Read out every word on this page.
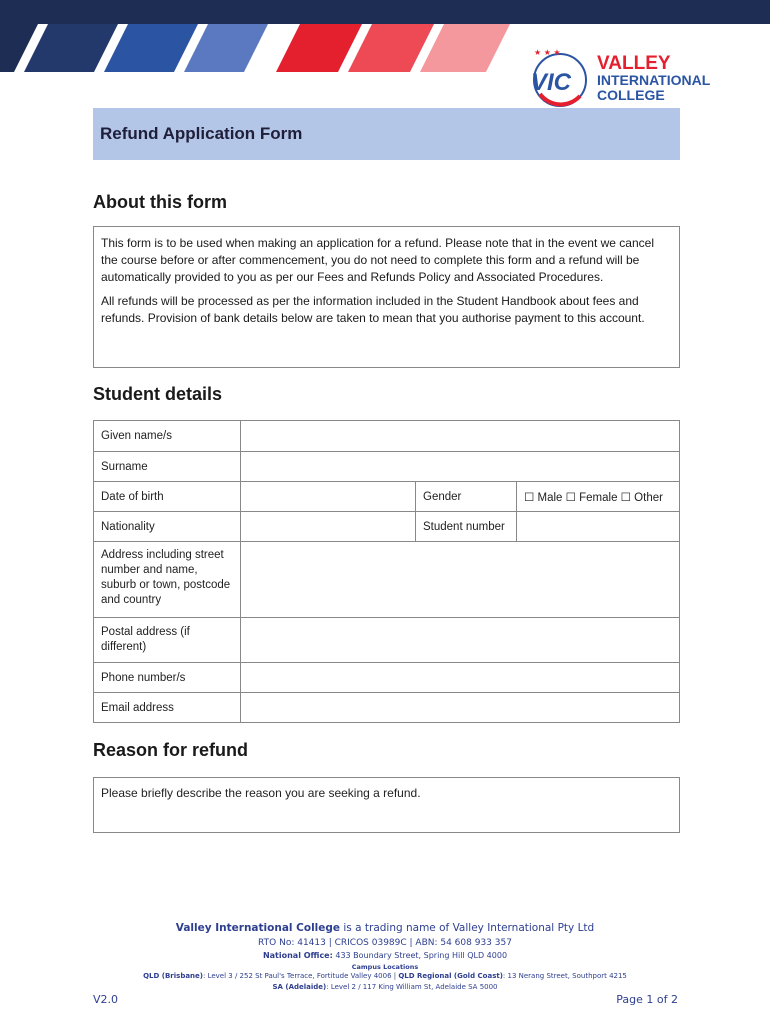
★ ★ ★
VIC
VALLEY
INTERNATIONAL
COLLEGE
Refund Application Form
About this form

This form is to be used when making an application for a refund. Please note that in the event we cancel the course before or after commencement, you do not need to complete this form and a refund will be automatically provided to you as per our Fees and Refunds Policy and Associated Procedures.

All refunds will be processed as per the information included in the Student Handbook about fees and refunds. Provision of bank details below are taken to mean that you authorise payment to this account.

Student details
Given name/s			
Surname			
Date of birth		Gender	☐ Male ☐ Female ☐ Other
Nationality		Student number	
Address including street number and name, suburb or town, postcode and country			
Postal address (if different)			
Phone number/s			
Email address			
Reason for refund
Please briefly describe the reason you are seeking a refund.
Valley International College is a trading name of Valley International Pty Ltd
RTO No: 41413 | CRICOS 03989C | ABN: 54 608 933 357
National Office: 433 Boundary Street, Spring Hill QLD 4000
Campus Locations
QLD (Brisbane): Level 3 / 252 St Paul's Terrace, Fortitude Valley 4006 | QLD Regional (Gold Coast): 13 Nerang Street, Southport 4215
SA (Adelaide): Level 2 / 117 King William St, Adelaide SA 5000
V2.0	Page 1 of 2
